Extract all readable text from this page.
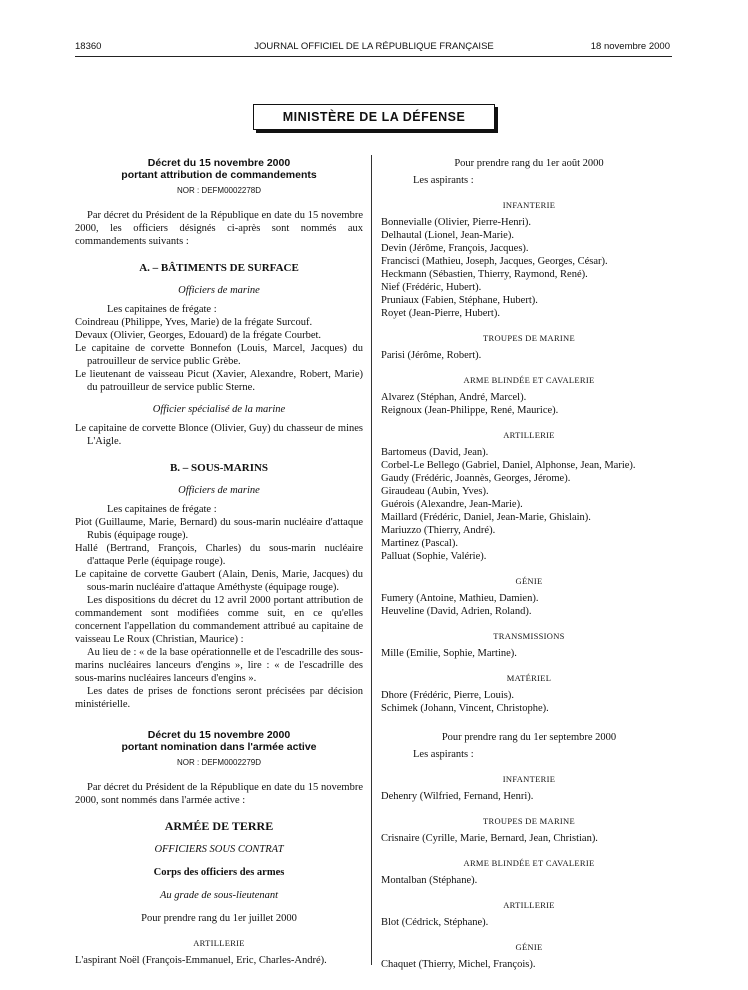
18360	JOURNAL OFFICIEL DE LA RÉPUBLIQUE FRANÇAISE	18 novembre 2000
MINISTÈRE DE LA DÉFENSE
Décret du 15 novembre 2000
portant attribution de commandements
NOR : DEFM0002278D
Par décret du Président de la République en date du 15 novembre 2000, les officiers désignés ci-après sont nommés aux commandements suivants :
A. – BÂTIMENTS DE SURFACE
Officiers de marine
Les capitaines de frégate :
Coindreau (Philippe, Yves, Marie) de la frégate Surcouf.
Devaux (Olivier, Georges, Edouard) de la frégate Courbet.
Le capitaine de corvette Bonnefon (Louis, Marcel, Jacques) du patrouilleur de service public Grèbe.
Le lieutenant de vaisseau Picut (Xavier, Alexandre, Robert, Marie) du patrouilleur de service public Sterne.
Officier spécialisé de la marine
Le capitaine de corvette Blonce (Olivier, Guy) du chasseur de mines L'Aigle.
B. – SOUS-MARINS
Officiers de marine
Les capitaines de frégate :
Piot (Guillaume, Marie, Bernard) du sous-marin nucléaire d'attaque Rubis (équipage rouge).
Hallé (Bertrand, François, Charles) du sous-marin nucléaire d'attaque Perle (équipage rouge).
Le capitaine de corvette Gaubert (Alain, Denis, Marie, Jacques) du sous-marin nucléaire d'attaque Améthyste (équipage rouge).
Les dispositions du décret du 12 avril 2000 portant attribution de commandement sont modifiées comme suit, en ce qu'elles concernent l'appellation du commandement attribué au capitaine de vaisseau Le Roux (Christian, Maurice) :
Au lieu de : « de la base opérationnelle et de l'escadrille des sous-marins nucléaires lanceurs d'engins », lire : « de l'escadrille des sous-marins nucléaires lanceurs d'engins ».
Les dates de prises de fonctions seront précisées par décision ministérielle.
Décret du 15 novembre 2000
portant nomination dans l'armée active
NOR : DEFM0002279D
Par décret du Président de la République en date du 15 novembre 2000, sont nommés dans l'armée active :
ARMÉE DE TERRE
OFFICIERS SOUS CONTRAT
Corps des officiers des armes
Au grade de sous-lieutenant
Pour prendre rang du 1er juillet 2000
ARTILLERIE
L'aspirant Noël (François-Emmanuel, Eric, Charles-André).
Pour prendre rang du 1er août 2000
Les aspirants :
INFANTERIE
Bonnevialle (Olivier, Pierre-Henri).
Delhautal (Lionel, Jean-Marie).
Devin (Jérôme, François, Jacques).
Francisci (Mathieu, Joseph, Jacques, Georges, César).
Heckmann (Sébastien, Thierry, Raymond, René).
Nief (Frédéric, Hubert).
Pruniaux (Fabien, Stéphane, Hubert).
Royet (Jean-Pierre, Hubert).
TROUPES DE MARINE
Parisi (Jérôme, Robert).
ARME BLINDÉE ET CAVALERIE
Alvarez (Stéphan, André, Marcel).
Reignoux (Jean-Philippe, René, Maurice).
ARTILLERIE
Bartomeus (David, Jean).
Corbel-Le Bellego (Gabriel, Daniel, Alphonse, Jean, Marie).
Gaudy (Frédéric, Joannès, Georges, Jérome).
Giraudeau (Aubin, Yves).
Guérois (Alexandre, Jean-Marie).
Maillard (Frédéric, Daniel, Jean-Marie, Ghislain).
Mariuzzo (Thierry, André).
Martinez (Pascal).
Palluat (Sophie, Valérie).
GÉNIE
Fumery (Antoine, Mathieu, Damien).
Heuveline (David, Adrien, Roland).
TRANSMISSIONS
Mille (Emilie, Sophie, Martine).
MATÉRIEL
Dhore (Frédéric, Pierre, Louis).
Schimek (Johann, Vincent, Christophe).
Pour prendre rang du 1er septembre 2000
Les aspirants :
INFANTERIE
Dehenry (Wilfried, Fernand, Henri).
TROUPES DE MARINE
Crisnaire (Cyrille, Marie, Bernard, Jean, Christian).
ARME BLINDÉE ET CAVALERIE
Montalban (Stéphane).
ARTILLERIE
Blot (Cédrick, Stéphane).
GÉNIE
Chaquet (Thierry, Michel, François).
